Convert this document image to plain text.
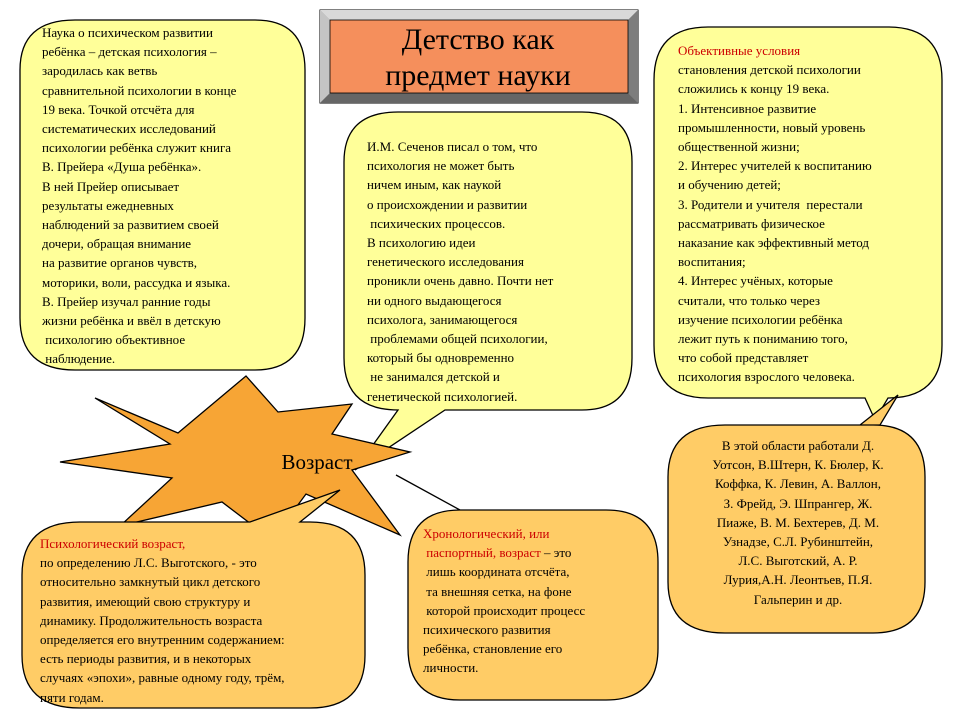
Детство как
предмет науки
Наука о психическом развитии
ребёнка – детская психология –
зародилась как ветвь
сравнительной психологии в конце
19 века. Точкой отсчёта для
систематических исследований
психологии ребёнка служит книга
В. Прейера «Душа ребёнка».
В ней Прейер описывает
результаты ежедневных
наблюдений за развитием своей
дочери, обращая внимание
на развитие органов чувств,
моторики, воли, рассудка и языка.
В. Прейер изучал ранние годы
жизни ребёнка и ввёл в детскую
психологию объективное
наблюдение.
И.М. Сеченов писал о том, что
психология не может быть
ничем иным, как наукой
о происхождении и развитии
психических процессов.
В психологию идеи
генетического исследования
проникли очень давно. Почти нет
ни одного выдающегося
психолога, занимающегося
проблемами общей психологии,
который бы одновременно
не занимался детской и
генетической психологией.
Объективные условия
становления детской психологии
сложились к концу 19 века.
1. Интенсивное развитие
промышленности, новый уровень
общественной жизни;
2. Интерес учителей к воспитанию
и обучению детей;
3. Родители и учителя  перестали
рассматривать физическое
наказание как эффективный метод
воспитания;
4. Интерес учёных, которые
считали, что только через
изучение психологии ребёнка
лежит путь к пониманию того,
что собой представляет
психология взрослого человека.
Возраст
Психологический возраст,
по определению Л.С. Выготского, - это
относительно замкнутый цикл детского
развития, имеющий свою структуру и
динамику. Продолжительность возраста
определяется его внутренним содержанием:
есть периоды развития, и в некоторых
случаях «эпохи», равные одному году, трём,
пяти годам.
Хронологический, или
паспортный, возраст – это
лишь координата отсчёта,
та внешняя сетка, на фоне
которой происходит процесс
психического развития
ребёнка, становление его
личности.
В этой области работали Д.
Уотсон, В.Штерн, К. Бюлер, К.
Коффка, К. Левин, А. Валлон,
З. Фрейд, Э. Шпрангер, Ж.
Пиаже, В. М. Бехтерев, Д. М.
Узнадзе, С.Л. Рубинштейн,
Л.С. Выготский, А. Р.
Лурия,А.Н. Леонтьев, П.Я.
Гальперин и др.
